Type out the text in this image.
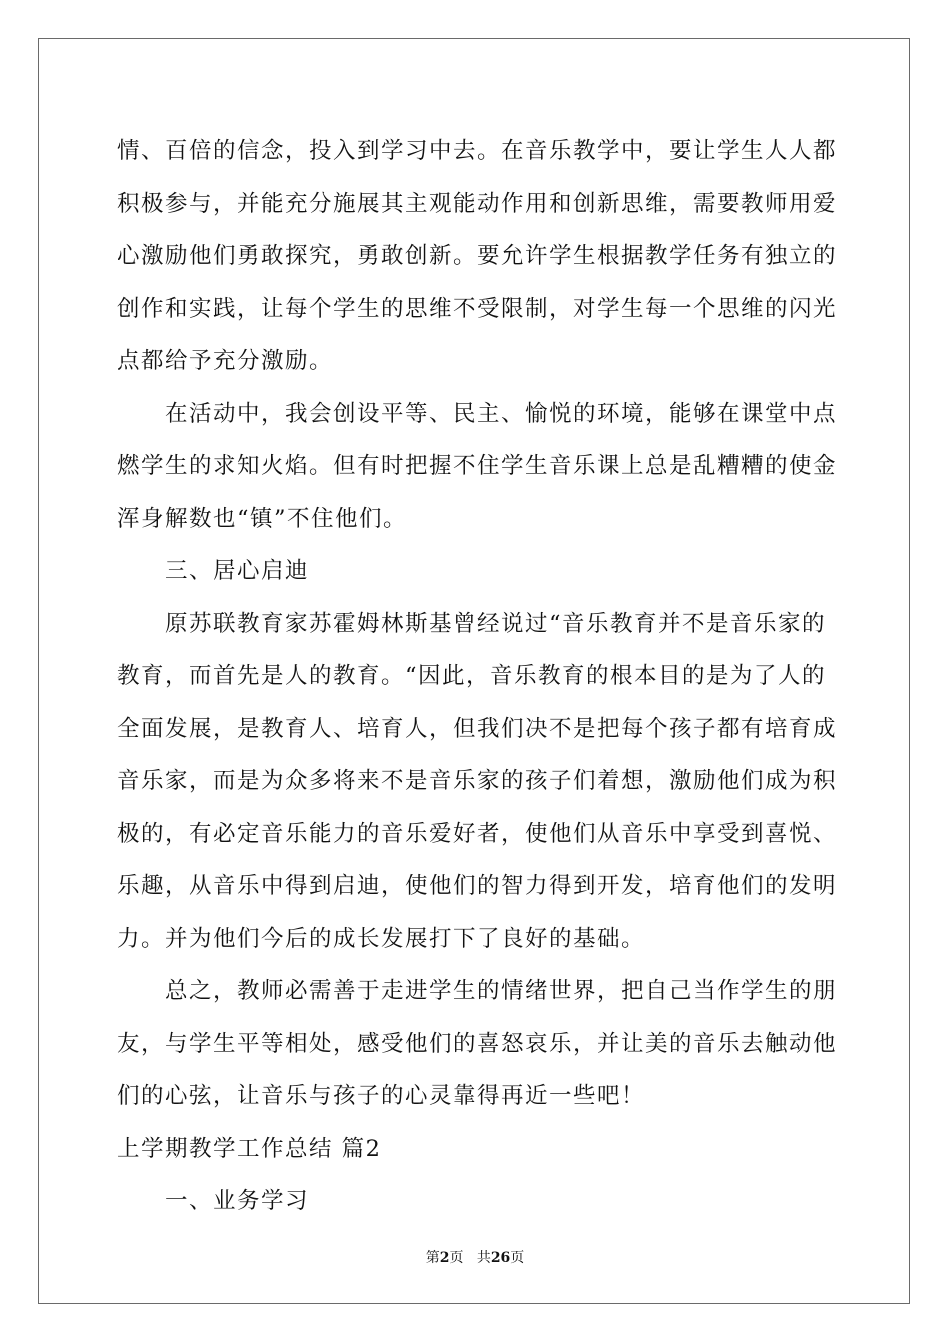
情、百倍的信念，投入到学习中去。在音乐教学中，要让学生人人都
积极参与，并能充分施展其主观能动作用和创新思维，需要教师用爱
心激励他们勇敢探究，勇敢创新。要允许学生根据教学任务有独立的
创作和实践，让每个学生的思维不受限制，对学生每一个思维的闪光
点都给予充分激励。
在活动中，我会创设平等、民主、愉悦的环境，能够在课堂中点
燃学生的求知火焰。但有时把握不住学生音乐课上总是乱糟糟的使金
浑身解数也“镇”不住他们。
三、居心启迪
原苏联教育家苏霍姆林斯基曾经说过“音乐教育并不是音乐家的
教育，而首先是人的教育。“因此，音乐教育的根本目的是为了人的
全面发展，是教育人、培育人，但我们决不是把每个孩子都有培育成
音乐家，而是为众多将来不是音乐家的孩子们着想，激励他们成为积
极的，有必定音乐能力的音乐爱好者，使他们从音乐中享受到喜悦、
乐趣，从音乐中得到启迪，使他们的智力得到开发，培育他们的发明
力。并为他们今后的成长发展打下了良好的基础。
总之，教师必需善于走进学生的情绪世界，把自己当作学生的朋
友，与学生平等相处，感受他们的喜怒哀乐，并让美的音乐去触动他
们的心弦，让音乐与孩子的心灵靠得再近一些吧！
上学期教学工作总结 篇2
一、业务学习
第2页 共26页
